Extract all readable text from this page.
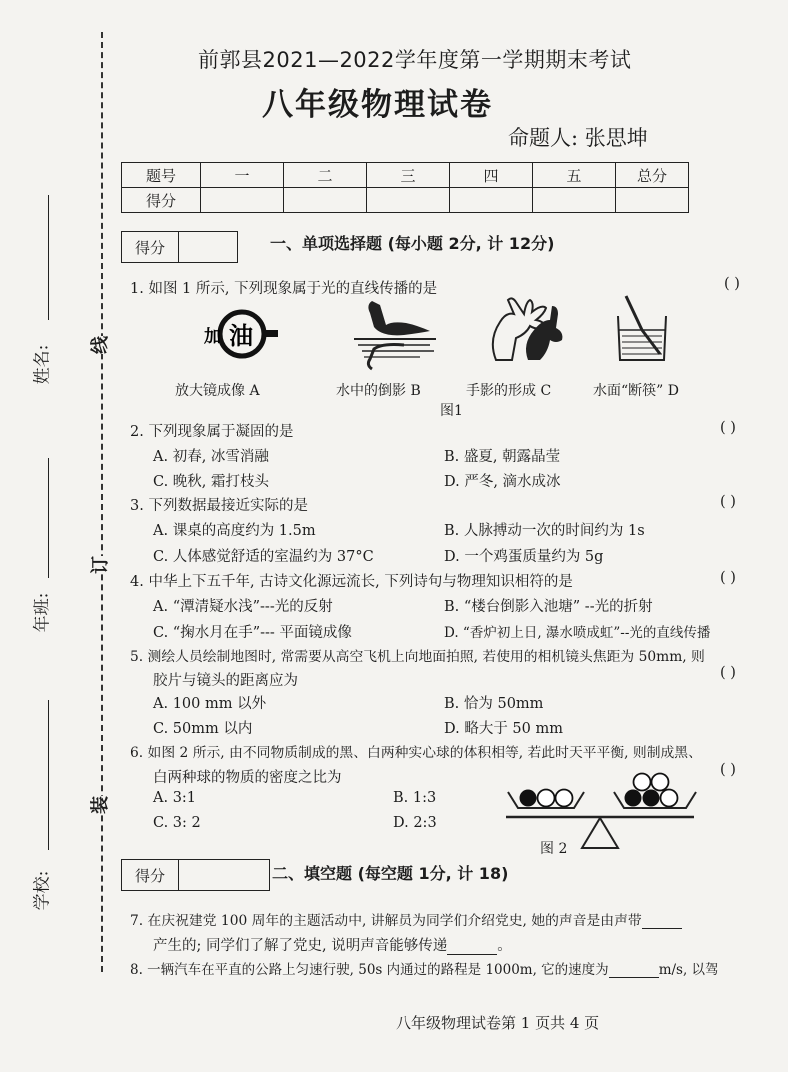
姓名:
年班:
学校:
线
订
装
前郭县2021—2022学年度第一学期期末考试
八年级物理试卷
命题人: 张思坤
题号	一	二	三	四	五	总分
得分						
得分	一、单项选择题 (每小题 2分, 计 12分)
1. 如图 1 所示, 下列现象属于光的直线传播的是	( )
加 油
放大镜成像 A	水中的倒影 B	手影的形成 C	水面“断筷” D
图1
2. 下列现象属于凝固的是	( )
A. 初春, 冰雪消融	B. 盛夏, 朝露晶莹
C. 晚秋, 霜打枝头	D. 严冬, 滴水成冰
3. 下列数据最接近实际的是	( )
A. 课桌的高度约为 1.5m	B. 人脉搏动一次的时间约为 1s
C. 人体感觉舒适的室温约为 37°C	D. 一个鸡蛋质量约为 5g
4. 中华上下五千年, 古诗文化源远流长, 下列诗句与物理知识相符的是	( )
A. “潭清疑水浅”---光的反射	B. “楼台倒影入池塘” --光的折射
C. “掬水月在手”--- 平面镜成像	D. “香炉初上日, 瀑水喷成虹”--光的直线传播
5. 测绘人员绘制地图时, 常需要从高空飞机上向地面拍照, 若使用的相机镜头焦距为 50mm, 则
胶片与镜头的距离应为	( )
A. 100 mm 以外	B. 恰为 50mm
C. 50mm 以内	D. 略大于 50 mm
6. 如图 2 所示, 由不同物质制成的黑、白两种实心球的体积相等, 若此时天平平衡, 则制成黑、
白两种球的物质的密度之比为	( )
A. 3:1	B. 1:3
C. 3: 2	D. 2:3
图 2
得分	二、填空题 (每空题 1分, 计 18)
7. 在庆祝建党 100 周年的主题活动中, 讲解员为同学们介绍党史, 她的声音是由声带
产生的; 同学们了解了党史, 说明声音能够传递	。
8. 一辆汽车在平直的公路上匀速行驶, 50s 内通过的路程是 1000m, 它的速度为	m/s, 以驾
八年级物理试卷第 1 页共 4 页
